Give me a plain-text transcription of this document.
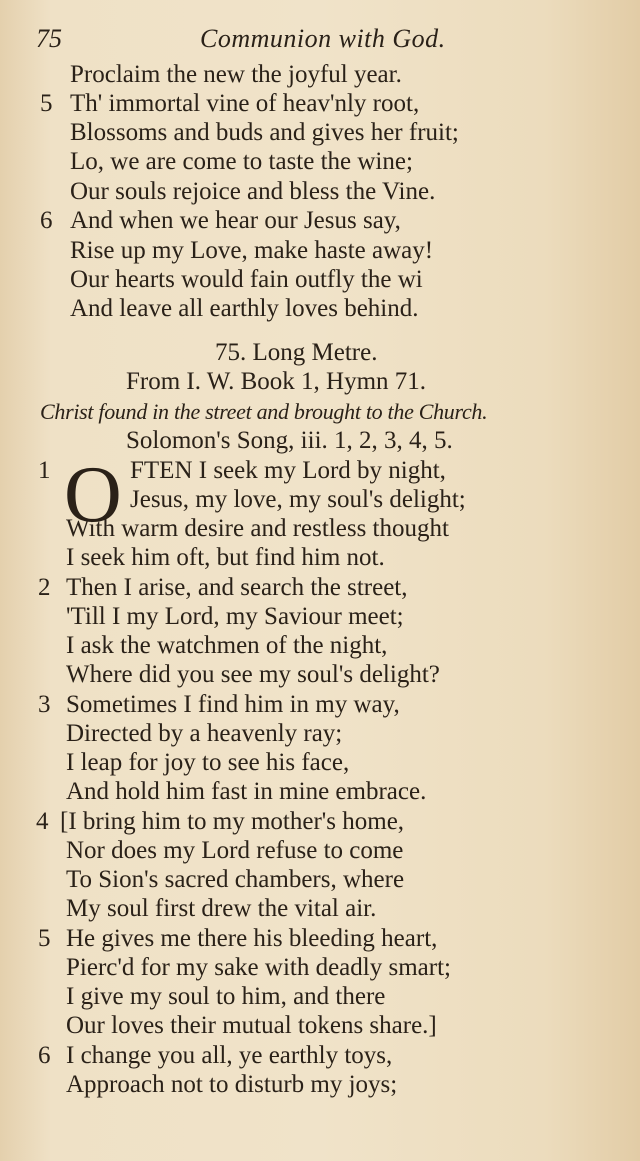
75	Communion with God.
Proclaim the new the joyful year.
5 Th' immortal vine of heav'nly root,
Blossoms and buds and gives her fruit;
Lo, we are come to taste the wine;
Our souls rejoice and bless the Vine.
6 And when we hear our Jesus say,
Rise up my Love, make haste away!
Our hearts would fain outfly the wi
And leave all earthly loves behind.
75. Long Metre.
From I. W. Book 1, Hymn 71.
Christ found in the street and brought to the Church.
Solomon's Song, iii. 1, 2, 3, 4, 5.
O
1	FTEN I seek my Lord by night,
Jesus, my love, my soul's delight;
With warm desire and restless thought
I seek him oft, but find him not.
2 Then I arise, and search the street,
'Till I my Lord, my Saviour meet;
I ask the watchmen of the night,
Where did you see my soul's delight?
3 Sometimes I find him in my way,
Directed by a heavenly ray;
I leap for joy to see his face,
And hold him fast in mine embrace.
4 [I bring him to my mother's home,
Nor does my Lord refuse to come
To Sion's sacred chambers, where
My soul first drew the vital air.
5 He gives me there his bleeding heart,
Pierc'd for my sake with deadly smart;
I give my soul to him, and there
Our loves their mutual tokens share.]
6 I change you all, ye earthly toys,
Approach not to disturb my joys;
